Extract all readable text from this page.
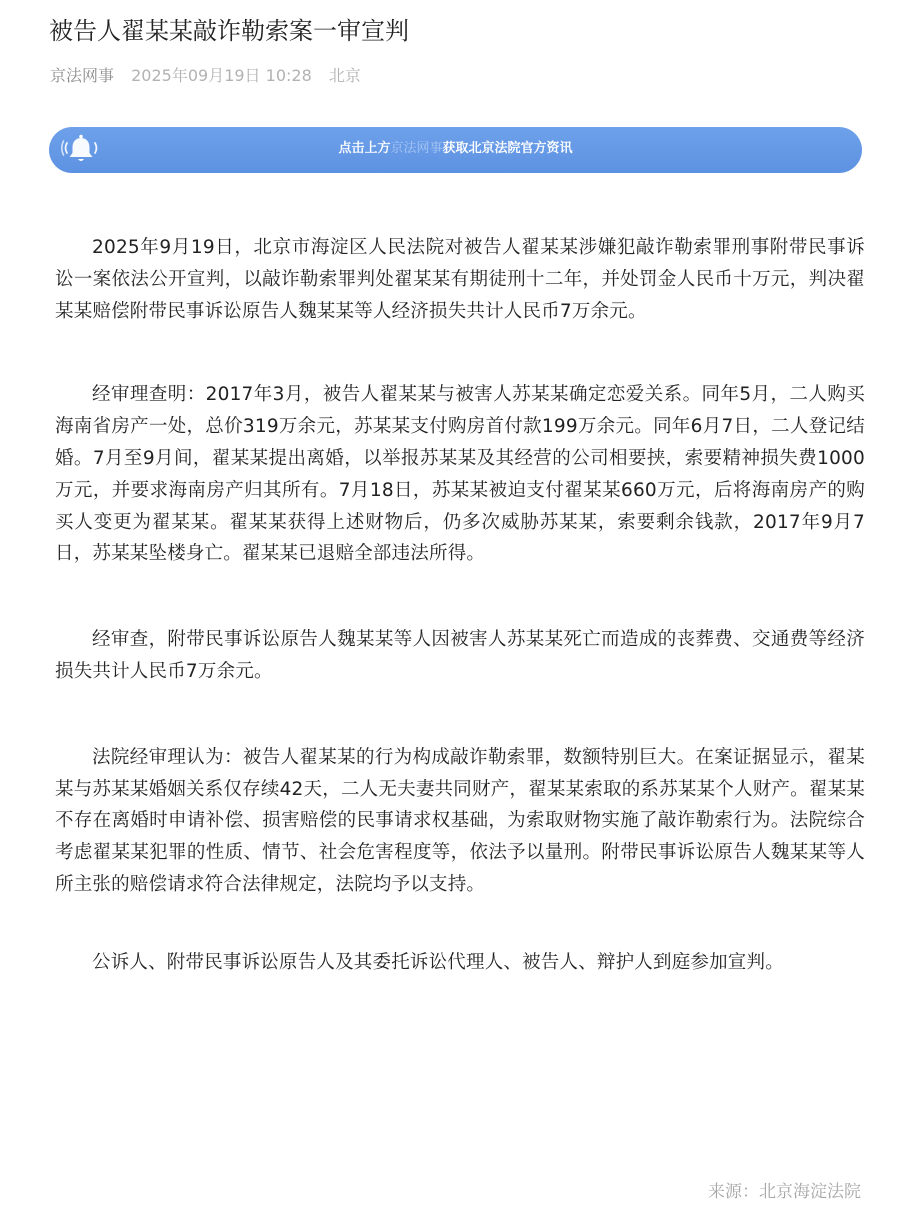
被告人翟某某敲诈勒索案一审宣判
京法网事 2025年09月19日 10:28 北京
点击上方京法网事获取北京法院官方资讯

2025年9月19日，北京市海淀区人民法院对被告人翟某某涉嫌犯敲诈勒索罪刑事附带民事诉讼一案依法公开宣判，以敲诈勒索罪判处翟某某有期徒刑十二年，并处罚金人民币十万元，判决翟某某赔偿附带民事诉讼原告人魏某某等人经济损失共计人民币7万余元。

经审理查明：2017年3月，被告人翟某某与被害人苏某某确定恋爱关系。同年5月，二人购买海南省房产一处，总价319万余元，苏某某支付购房首付款199万余元。同年6月7日，二人登记结婚。7月至9月间，翟某某提出离婚，以举报苏某某及其经营的公司相要挟，索要精神损失费1000万元，并要求海南房产归其所有。7月18日，苏某某被迫支付翟某某660万元，后将海南房产的购买人变更为翟某某。翟某某获得上述财物后，仍多次威胁苏某某，索要剩余钱款，2017年9月7日，苏某某坠楼身亡。翟某某已退赔全部违法所得。

经审查，附带民事诉讼原告人魏某某等人因被害人苏某某死亡而造成的丧葬费、交通费等经济损失共计人民币7万余元。

法院经审理认为：被告人翟某某的行为构成敲诈勒索罪，数额特别巨大。在案证据显示，翟某某与苏某某婚姻关系仅存续42天，二人无夫妻共同财产，翟某某索取的系苏某某个人财产。翟某某不存在离婚时申请补偿、损害赔偿的民事请求权基础，为索取财物实施了敲诈勒索行为。法院综合考虑翟某某犯罪的性质、情节、社会危害程度等，依法予以量刑。附带民事诉讼原告人魏某某等人所主张的赔偿请求符合法律规定，法院均予以支持。

公诉人、附带民事诉讼原告人及其委托诉讼代理人、被告人、辩护人到庭参加宣判。

来源：北京海淀法院
